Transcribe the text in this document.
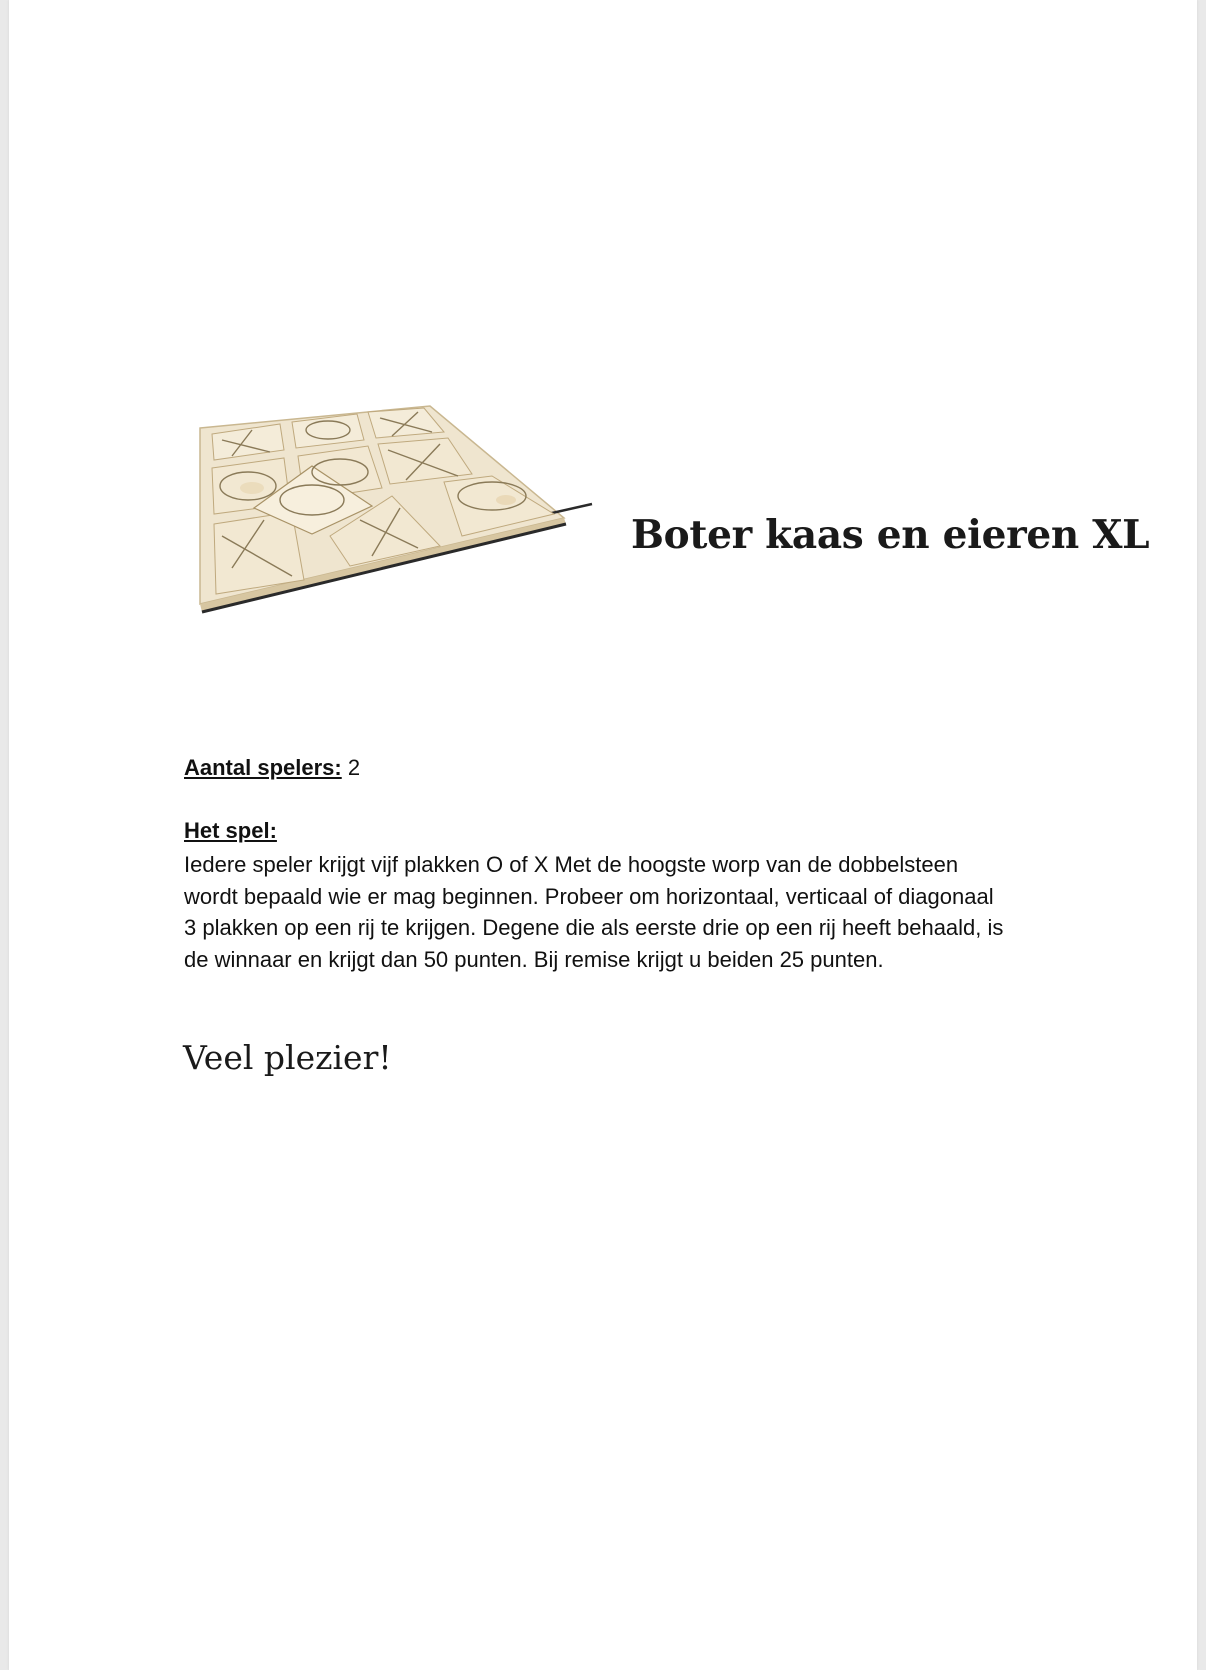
Boter kaas en eieren XL
Aantal spelers: 2
Het spel:
Iedere speler krijgt vijf plakken O of X Met de hoogste worp van de dobbelsteen
wordt bepaald wie er mag beginnen. Probeer om horizontaal, verticaal of diagonaal
3 plakken op een rij te krijgen. Degene die als eerste drie op een rij heeft behaald, is
de winnaar en krijgt dan 50 punten. Bij remise krijgt u beiden 25 punten.
Veel plezier!
